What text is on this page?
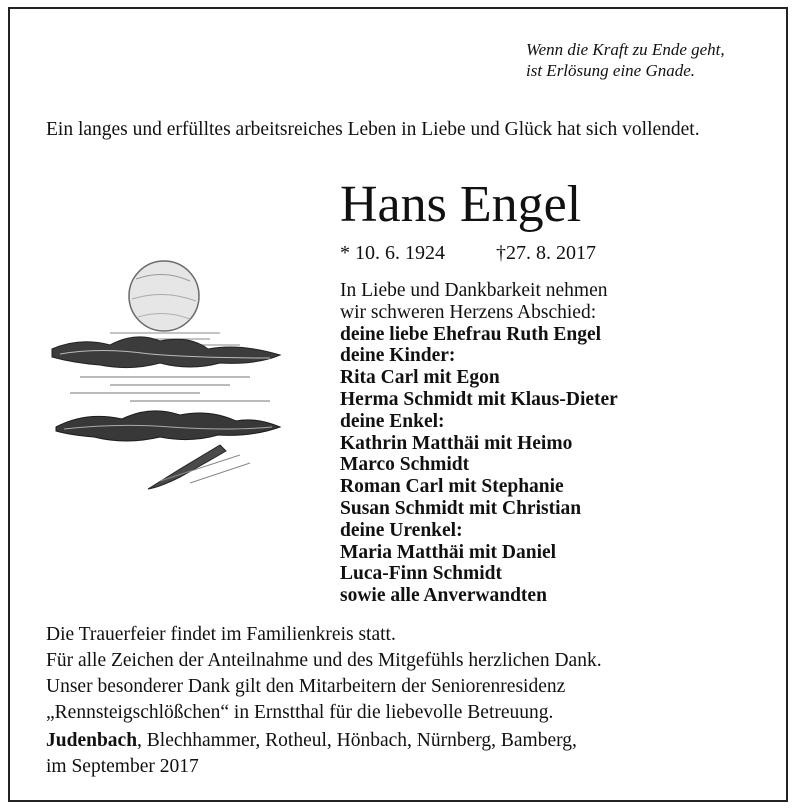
Wenn die Kraft zu Ende geht,
ist Erlösung eine Gnade.
Ein langes und erfülltes arbeitsreiches Leben in Liebe und Glück hat sich vollendet.
Hans Engel
* 10. 6. 1924	†27. 8. 2017
In Liebe und Dankbarkeit nehmen
wir schweren Herzens Abschied:
deine liebe Ehefrau Ruth Engel
deine Kinder:
Rita Carl mit Egon
Herma Schmidt mit Klaus-Dieter
deine Enkel:
Kathrin Matthäi mit Heimo
Marco Schmidt
Roman Carl mit Stephanie
Susan Schmidt mit Christian
deine Urenkel:
Maria Matthäi mit Daniel
Luca-Finn Schmidt
sowie alle Anverwandten
Die Trauerfeier findet im Familienkreis statt.
Für alle Zeichen der Anteilnahme und des Mitgefühls herzlichen Dank.
Unser besonderer Dank gilt den Mitarbeitern der Seniorenresidenz
„Rennsteigschlößchen“ in Ernstthal für die liebevolle Betreuung.
Judenbach, Blechhammer, Rotheul, Hönbach, Nürnberg, Bamberg,
im September 2017
